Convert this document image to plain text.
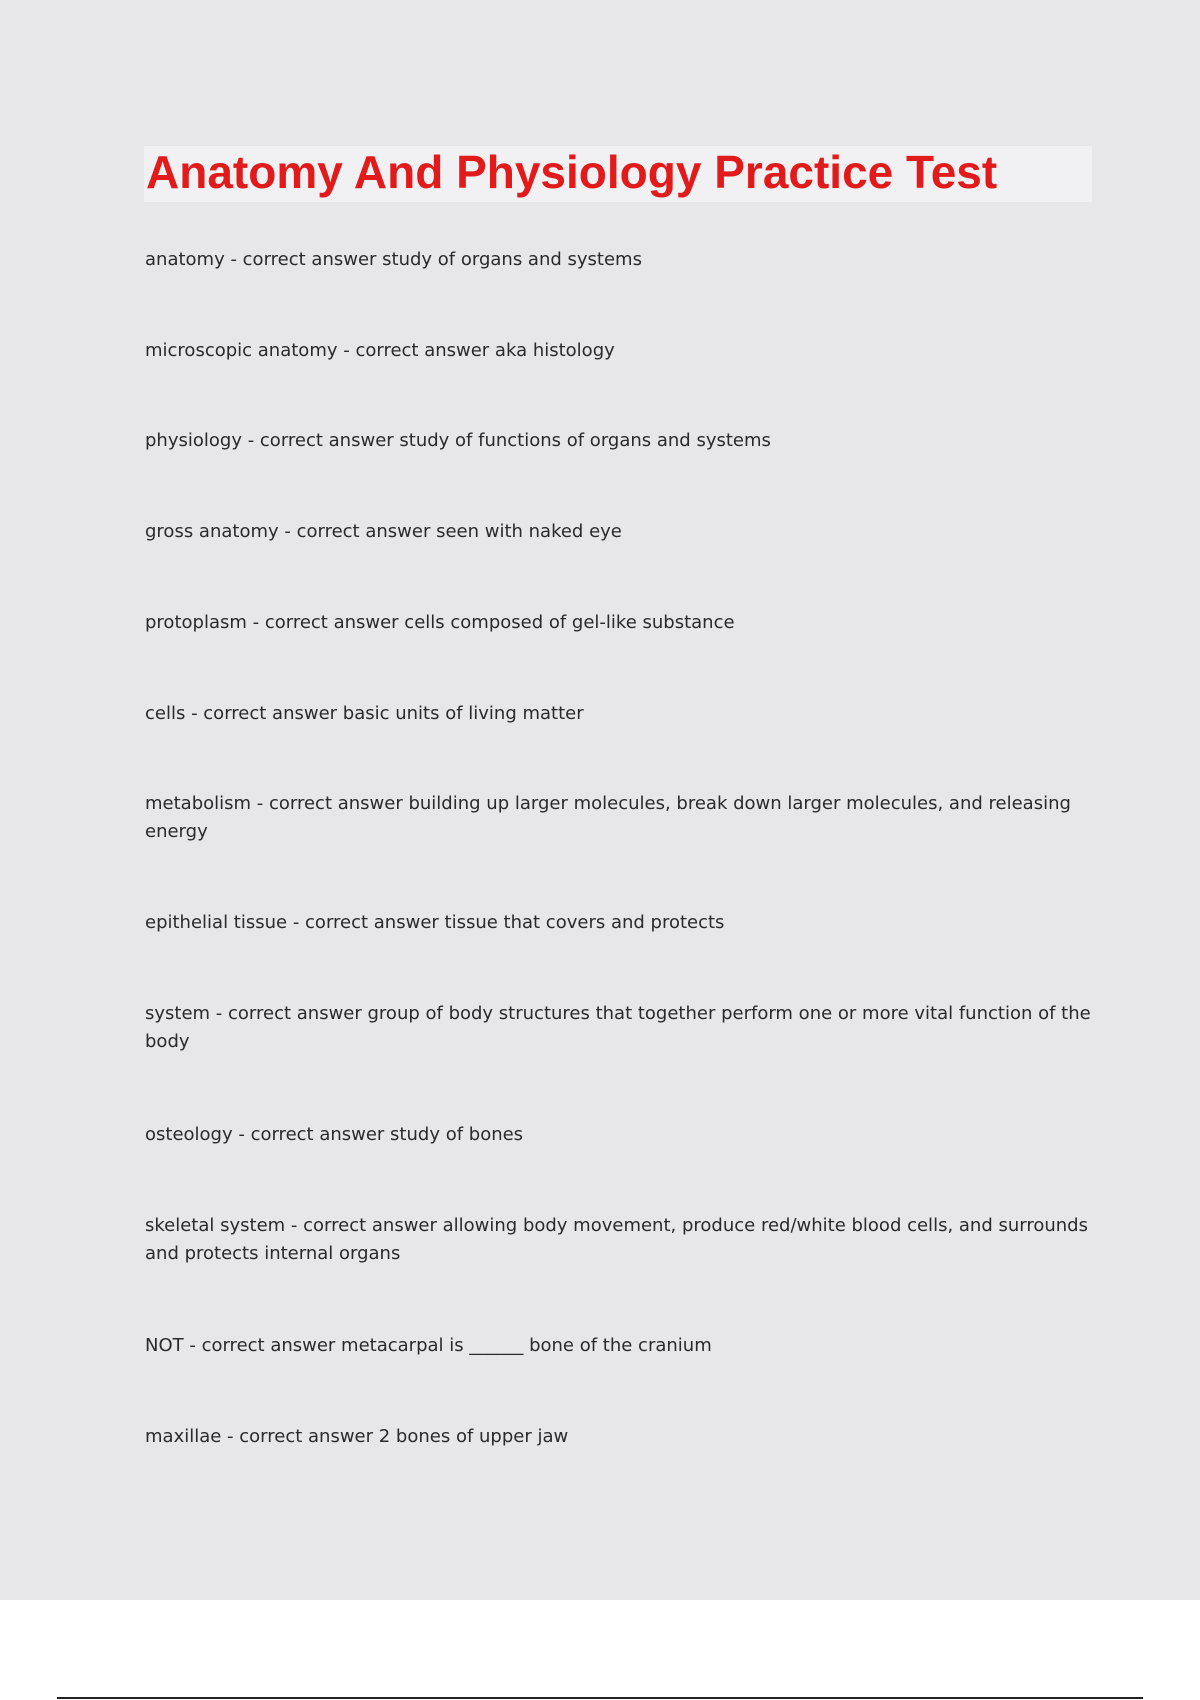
Anatomy And Physiology Practice Test

anatomy - correct answer study of organs and systems

microscopic anatomy - correct answer aka histology

physiology - correct answer study of functions of organs and systems

gross anatomy - correct answer seen with naked eye

protoplasm - correct answer cells composed of gel-like substance

cells - correct answer basic units of living matter

metabolism - correct answer building up larger molecules, break down larger molecules, and releasing energy

epithelial tissue - correct answer tissue that covers and protects

system - correct answer group of body structures that together perform one or more vital function of the body

osteology - correct answer study of bones

skeletal system - correct answer allowing body movement, produce red/white blood cells, and surrounds and protects internal organs

NOT - correct answer metacarpal is ______ bone of the cranium

maxillae - correct answer 2 bones of upper jaw
